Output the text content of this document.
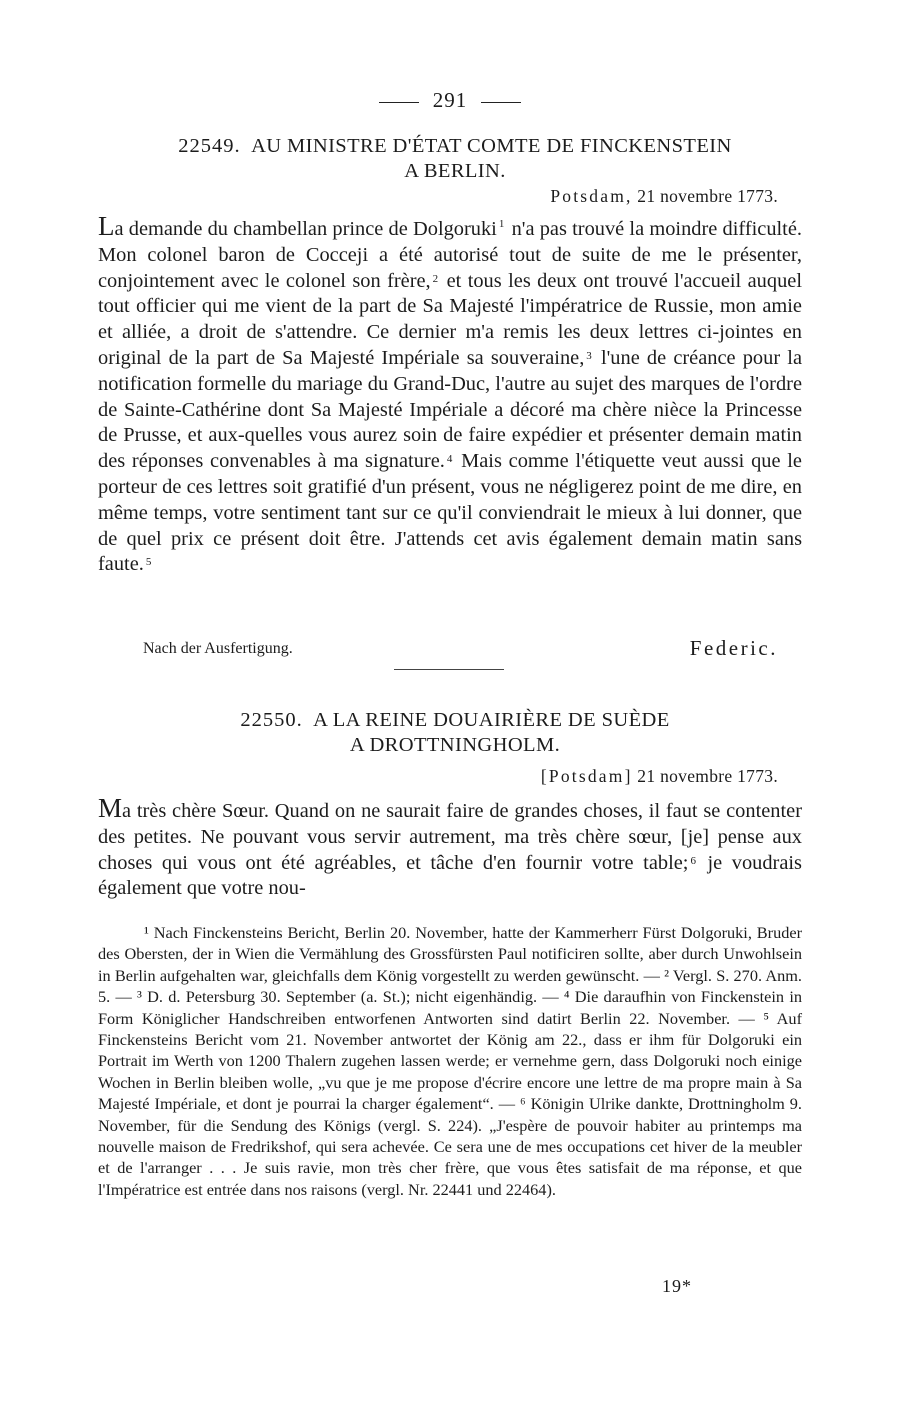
291
22549. AU MINISTRE D'ÉTAT COMTE DE FINCKENSTEIN
A BERLIN.
Potsdam, 21 novembre 1773.
La demande du chambellan prince de Dolgoruki $^1$ n'a pas trouvé la moindre difficulté. Mon colonel baron de Cocceji a été autorisé tout de suite de me le présenter, conjointement avec le colonel son frère, $^2$ et tous les deux ont trouvé l'accueil auquel tout officier qui me vient de la part de Sa Majesté l'impératrice de Russie, mon amie et alliée, a droit de s'attendre. Ce dernier m'a remis les deux lettres ci-jointes en original de la part de Sa Majesté Impériale sa souveraine, $^3$ l'une de créance pour la notification formelle du mariage du Grand-Duc, l'autre au sujet des marques de l'ordre de Sainte-Cathérine dont Sa Majesté Impériale a décoré ma chère nièce la Princesse de Prusse, et aux-quelles vous aurez soin de faire expédier et présenter demain matin des réponses convenables à ma signature. $^4$ Mais comme l'étiquette veut aussi que le porteur de ces lettres soit gratifié d'un présent, vous ne négligerez point de me dire, en même temps, votre sentiment tant sur ce qu'il conviendrait le mieux à lui donner, que de quel prix ce présent doit être. J'attends cet avis également demain matin sans faute. $^5$
Nach der Ausfertigung.	Federic.
22550. A LA REINE DOUAIRIÈRE DE SUÈDE
A DROTTNINGHOLM.
[Potsdam] 21 novembre 1773.
Ma très chère Sœur. Quand on ne saurait faire de grandes choses, il faut se contenter des petites. Ne pouvant vous servir autrement, ma très chère sœur, [je] pense aux choses qui vous ont été agréables, et tâche d'en fournir votre table; $^6$ je voudrais également que votre nou-
¹ Nach Finckensteins Bericht, Berlin 20. November, hatte der Kammerherr Fürst Dolgoruki, Bruder des Obersten, der in Wien die Vermählung des Grossfürsten Paul notificiren sollte, aber durch Unwohlsein in Berlin aufgehalten war, gleichfalls dem König vorgestellt zu werden gewünscht. — ² Vergl. S. 270. Anm. 5. — ³ D. d. Petersburg 30. September (a. St.); nicht eigenhändig. — ⁴ Die daraufhin von Finckenstein in Form Königlicher Handschreiben entworfenen Antworten sind datirt Berlin 22. November. — ⁵ Auf Finckensteins Bericht vom 21. November antwortet der König am 22., dass er ihm für Dolgoruki ein Portrait im Werth von 1200 Thalern zugehen lassen werde; er vernehme gern, dass Dolgoruki noch einige Wochen in Berlin bleiben wolle, „vu que je me propose d'écrire encore une lettre de ma propre main à Sa Majesté Impériale, et dont je pourrai la charger également“. — ⁶ Königin Ulrike dankte, Drottningholm 9. November, für die Sendung des Königs (vergl. S. 224). „J'espère de pouvoir habiter au printemps ma nouvelle maison de Fredrikshof, qui sera achevée. Ce sera une de mes occupations cet hiver de la meubler et de l'arranger . . . Je suis ravie, mon très cher frère, que vous êtes satisfait de ma réponse, et que l'Impératrice est entrée dans nos raisons (vergl. Nr. 22441 und 22464).
19*
